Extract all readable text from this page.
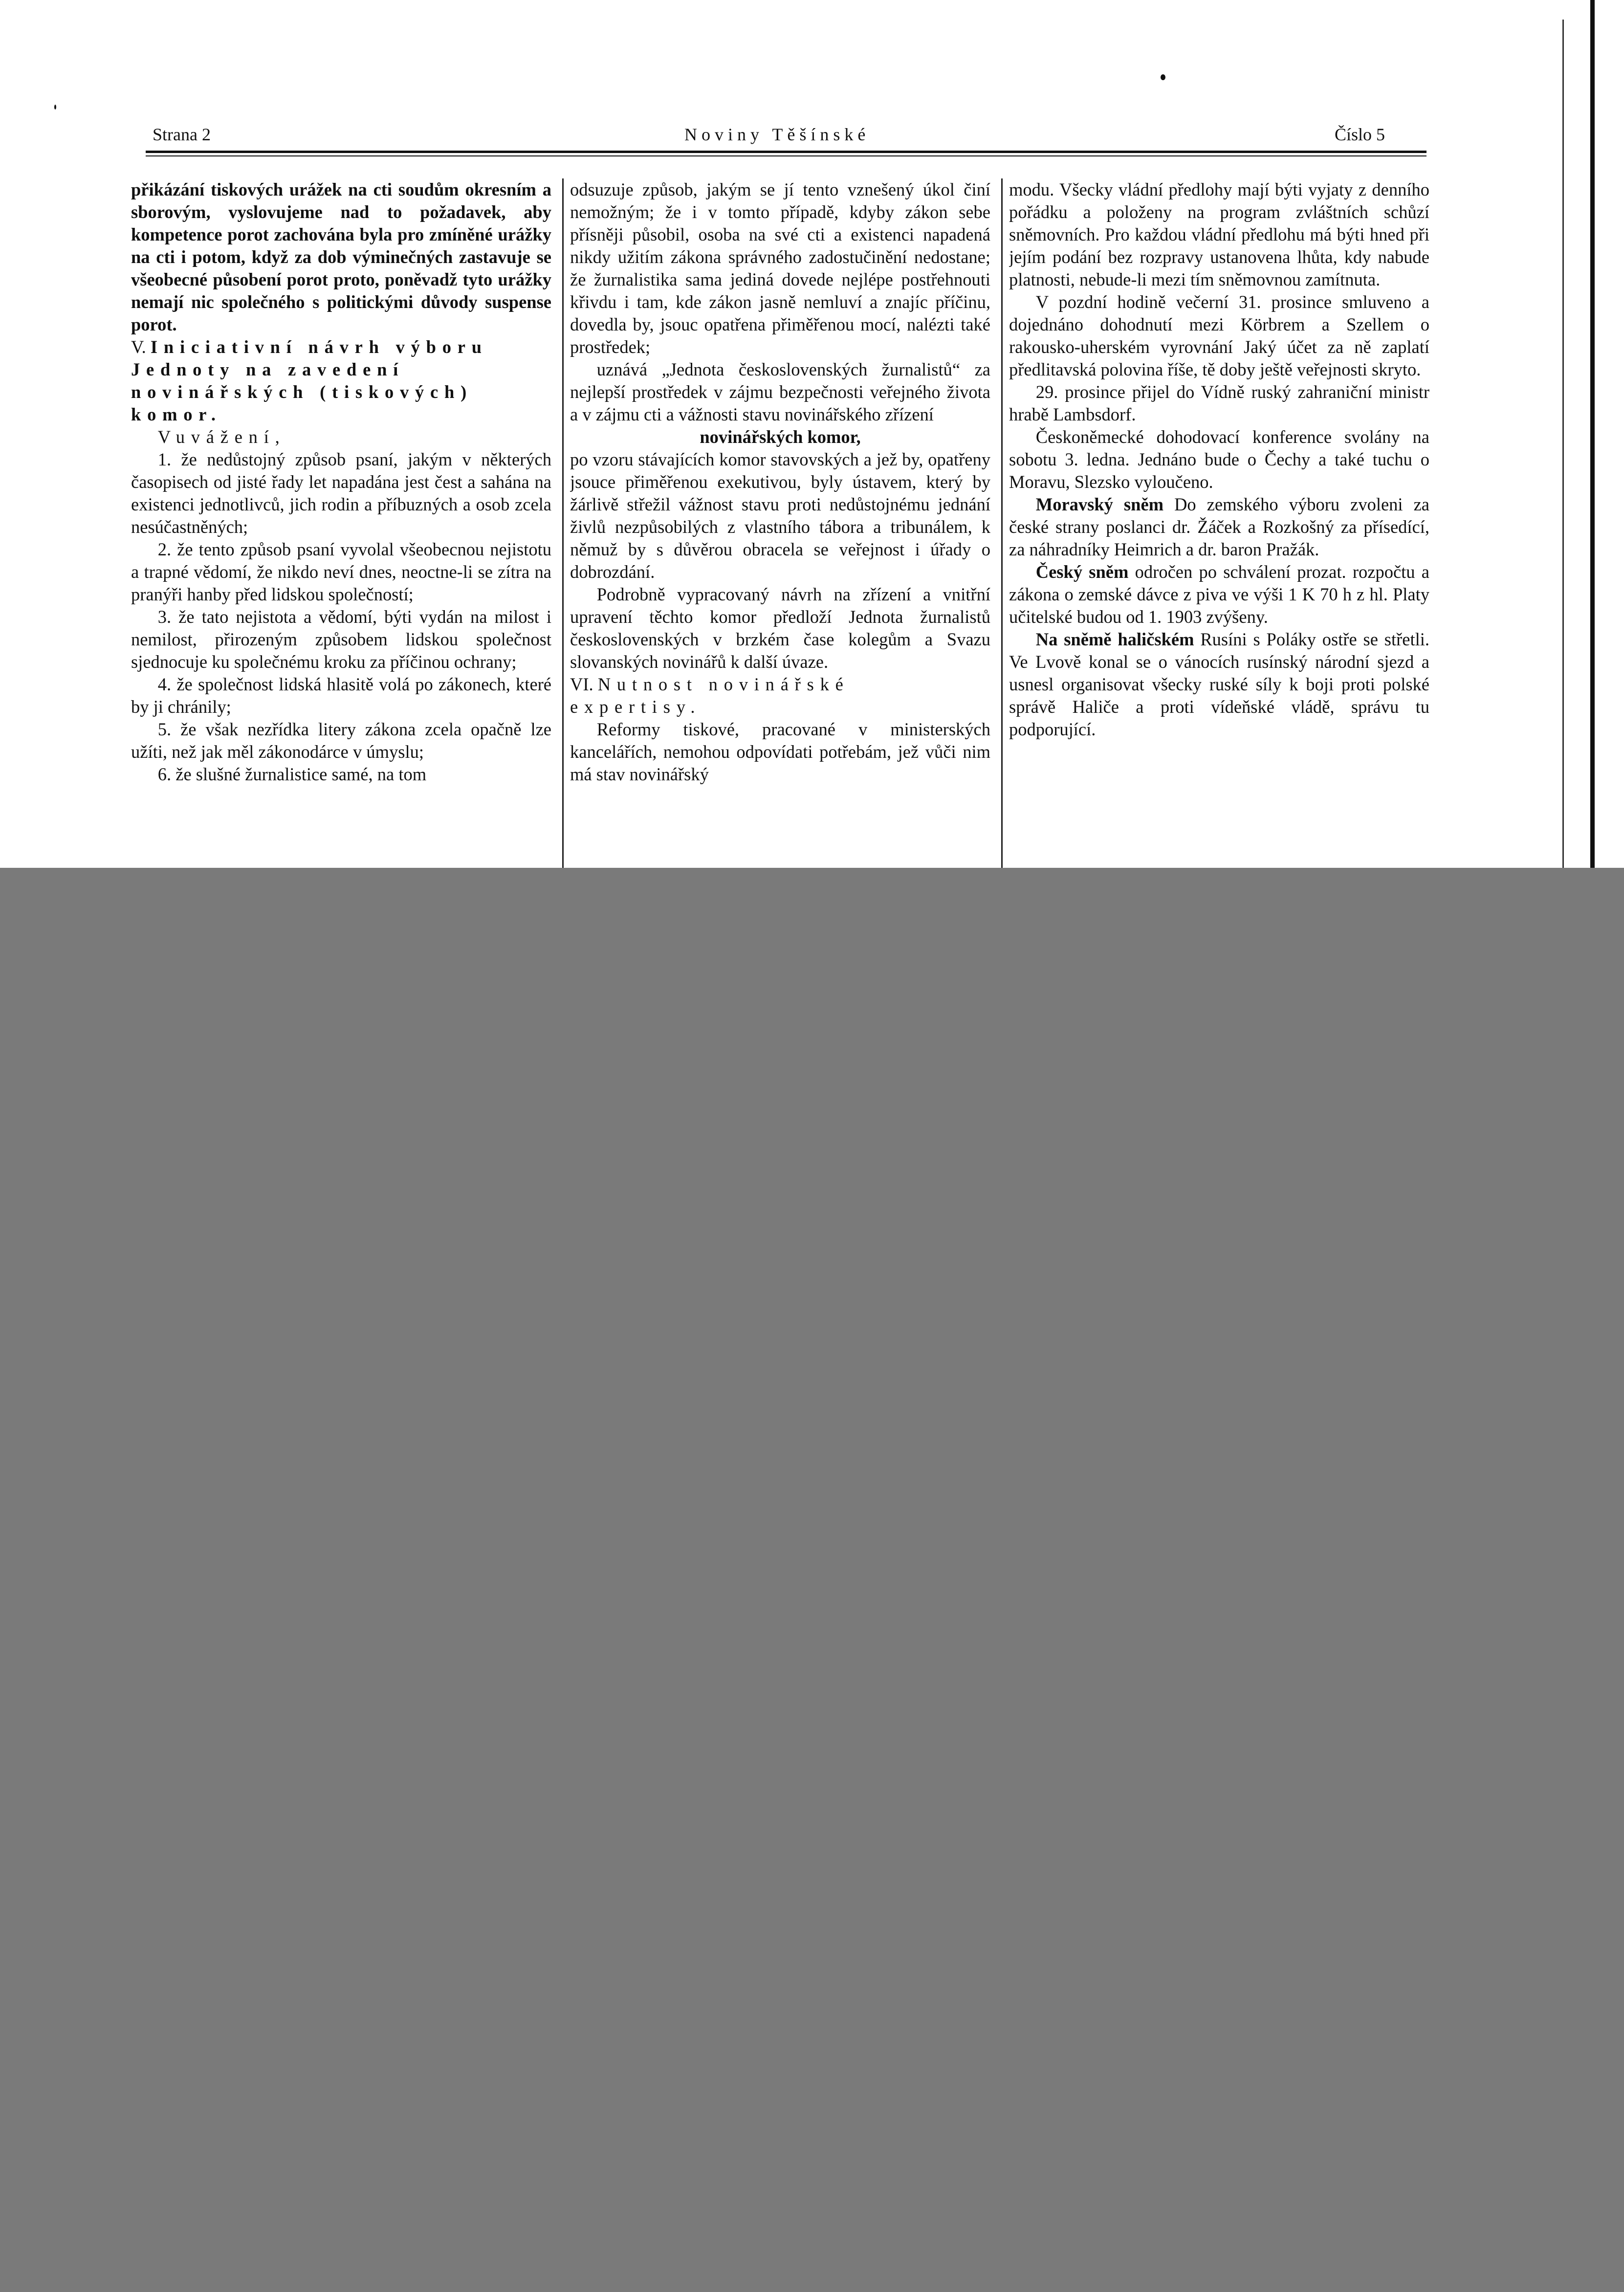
Strana 2	Noviny Těšínské	Číslo 5

přikázání tiskových urážek na cti soudům okresním a sborovým, vyslovujeme nad to požadavek, aby kompetence porot zachována byla pro zmíněné urážky na cti i potom, když za dob výminečných zastavuje se všeobecné působení porot proto, poněvadž tyto urážky nemají nic společného s politickými důvody suspense porot.

V. Iniciativní návrh výboru Jednoty na zavedení novinářských (tiskových) komor.

Vuvážení,

1. že nedůstojný způsob psaní, jakým v některých časopisech od jisté řady let napadána jest čest a sahána na existenci jednotlivců, jich rodin a příbuzných a osob zcela nesúčastněných;

2. že tento způsob psaní vyvolal všeobecnou nejistotu a trapné vědomí, že nikdo neví dnes, neoctne-li se zítra na pranýři hanby před lidskou společností;

3. že tato nejistota a vědomí, býti vydán na milost i nemilost, přirozeným způsobem lidskou společnost sjednocuje ku společnému kroku za příčinou ochrany;

4. že společnost lidská hlasitě volá po zákonech, které by ji chránily;

5. že však nezřídka litery zákona zcela opačně lze užíti, než jak měl zákonodárce v úmyslu;

6. že slušné žurnalistice samé, na tom

odsuzuje způsob, jakým se jí tento vznešený úkol činí nemožným; že i v tomto případě, kdyby zákon sebe přísněji působil, osoba na své cti a existenci napadená nikdy užitím zákona správného zadostučinění nedostane; že žurnalistika sama jediná dovede nejlépe postřehnouti křivdu i tam, kde zákon jasně nemluví a znajíc příčinu, dovedla by, jsouc opatřena přiměřenou mocí, nalézti také prostředek;

uznává „Jednota československých žurnalistů“ za nejlepší prostředek v zájmu bezpečnosti veřejného života a v zájmu cti a vážnosti stavu novinářského zřízení

novinářských komor,

po vzoru stávajících komor stavovských a jež by, opatřeny jsouce přiměřenou exekutivou, byly ústavem, který by žárlivě střežil vážnost stavu proti nedůstojnému jednání živlů nezpůsobilých z vlastního tábora a tribunálem, k němuž by s důvěrou obracela se veřejnost i úřady o dobrozdání.

Podrobně vypracovaný návrh na zřízení a vnitřní upravení těchto komor předloží Jednota žurnalistů československých v brzkém čase kolegům a Svazu slovanských novinářů k další úvaze.

VI. Nutnost novinářské expertisy.

Reformy tiskové, pracované v ministerských kancelářích, nemohou odpovídati potřebám, jež vůči nim má stav novinářský

modu. Všecky vládní předlohy mají býti vyjaty z denního pořádku a položeny na program zvláštních schůzí sněmovních. Pro každou vládní předlohu má býti hned při jejím podání bez rozpravy ustanovena lhůta, kdy nabude platnosti, nebude-li mezi tím sněmovnou zamítnuta.

V pozdní hodině večerní 31. prosince smluveno a dojednáno dohodnutí mezi Körbrem a Szellem o rakousko-uherském vyrovnání Jaký účet za ně zaplatí předlitavská polovina říše, tě doby ještě veřejnosti skryto.

29. prosince přijel do Vídně ruský zahraniční ministr hrabě Lambsdorf.

Českoněmecké dohodovací konference svolány na sobotu 3. ledna. Jednáno bude o Čechy a také tuchu o Moravu, Slezsko vyloučeno.

Moravský sněm Do zemského výboru zvoleni za české strany poslanci dr. Žáček a Rozkošný za přísedící, za náhradníky Heimrich a dr. baron Pražák.

Český sněm odročen po schválení prozat. rozpočtu a zákona o zemské dávce z piva ve výši 1 K 70 h z hl. Platy učitelské budou od 1. 1903 zvýšeny.

Na sněmě haličském Rusíni s Poláky ostře se střetli. Ve Lvově konal se o vánocích rusínský národní sjezd a usnesl organisovat všecky ruské síly k boji proti polské správě Haliče a proti vídeňské vládě, správu tu podporující.
